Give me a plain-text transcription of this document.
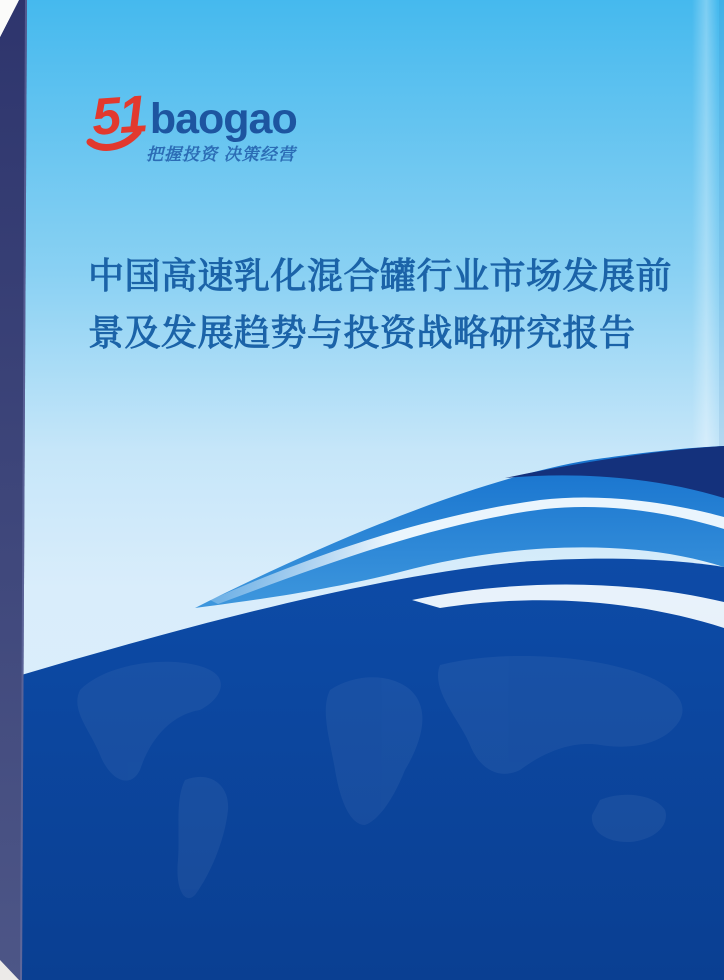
51 baogao
把握投资 决策经营
中国高速乳化混合罐行业市场发展前
景及发展趋势与投资战略研究报告
